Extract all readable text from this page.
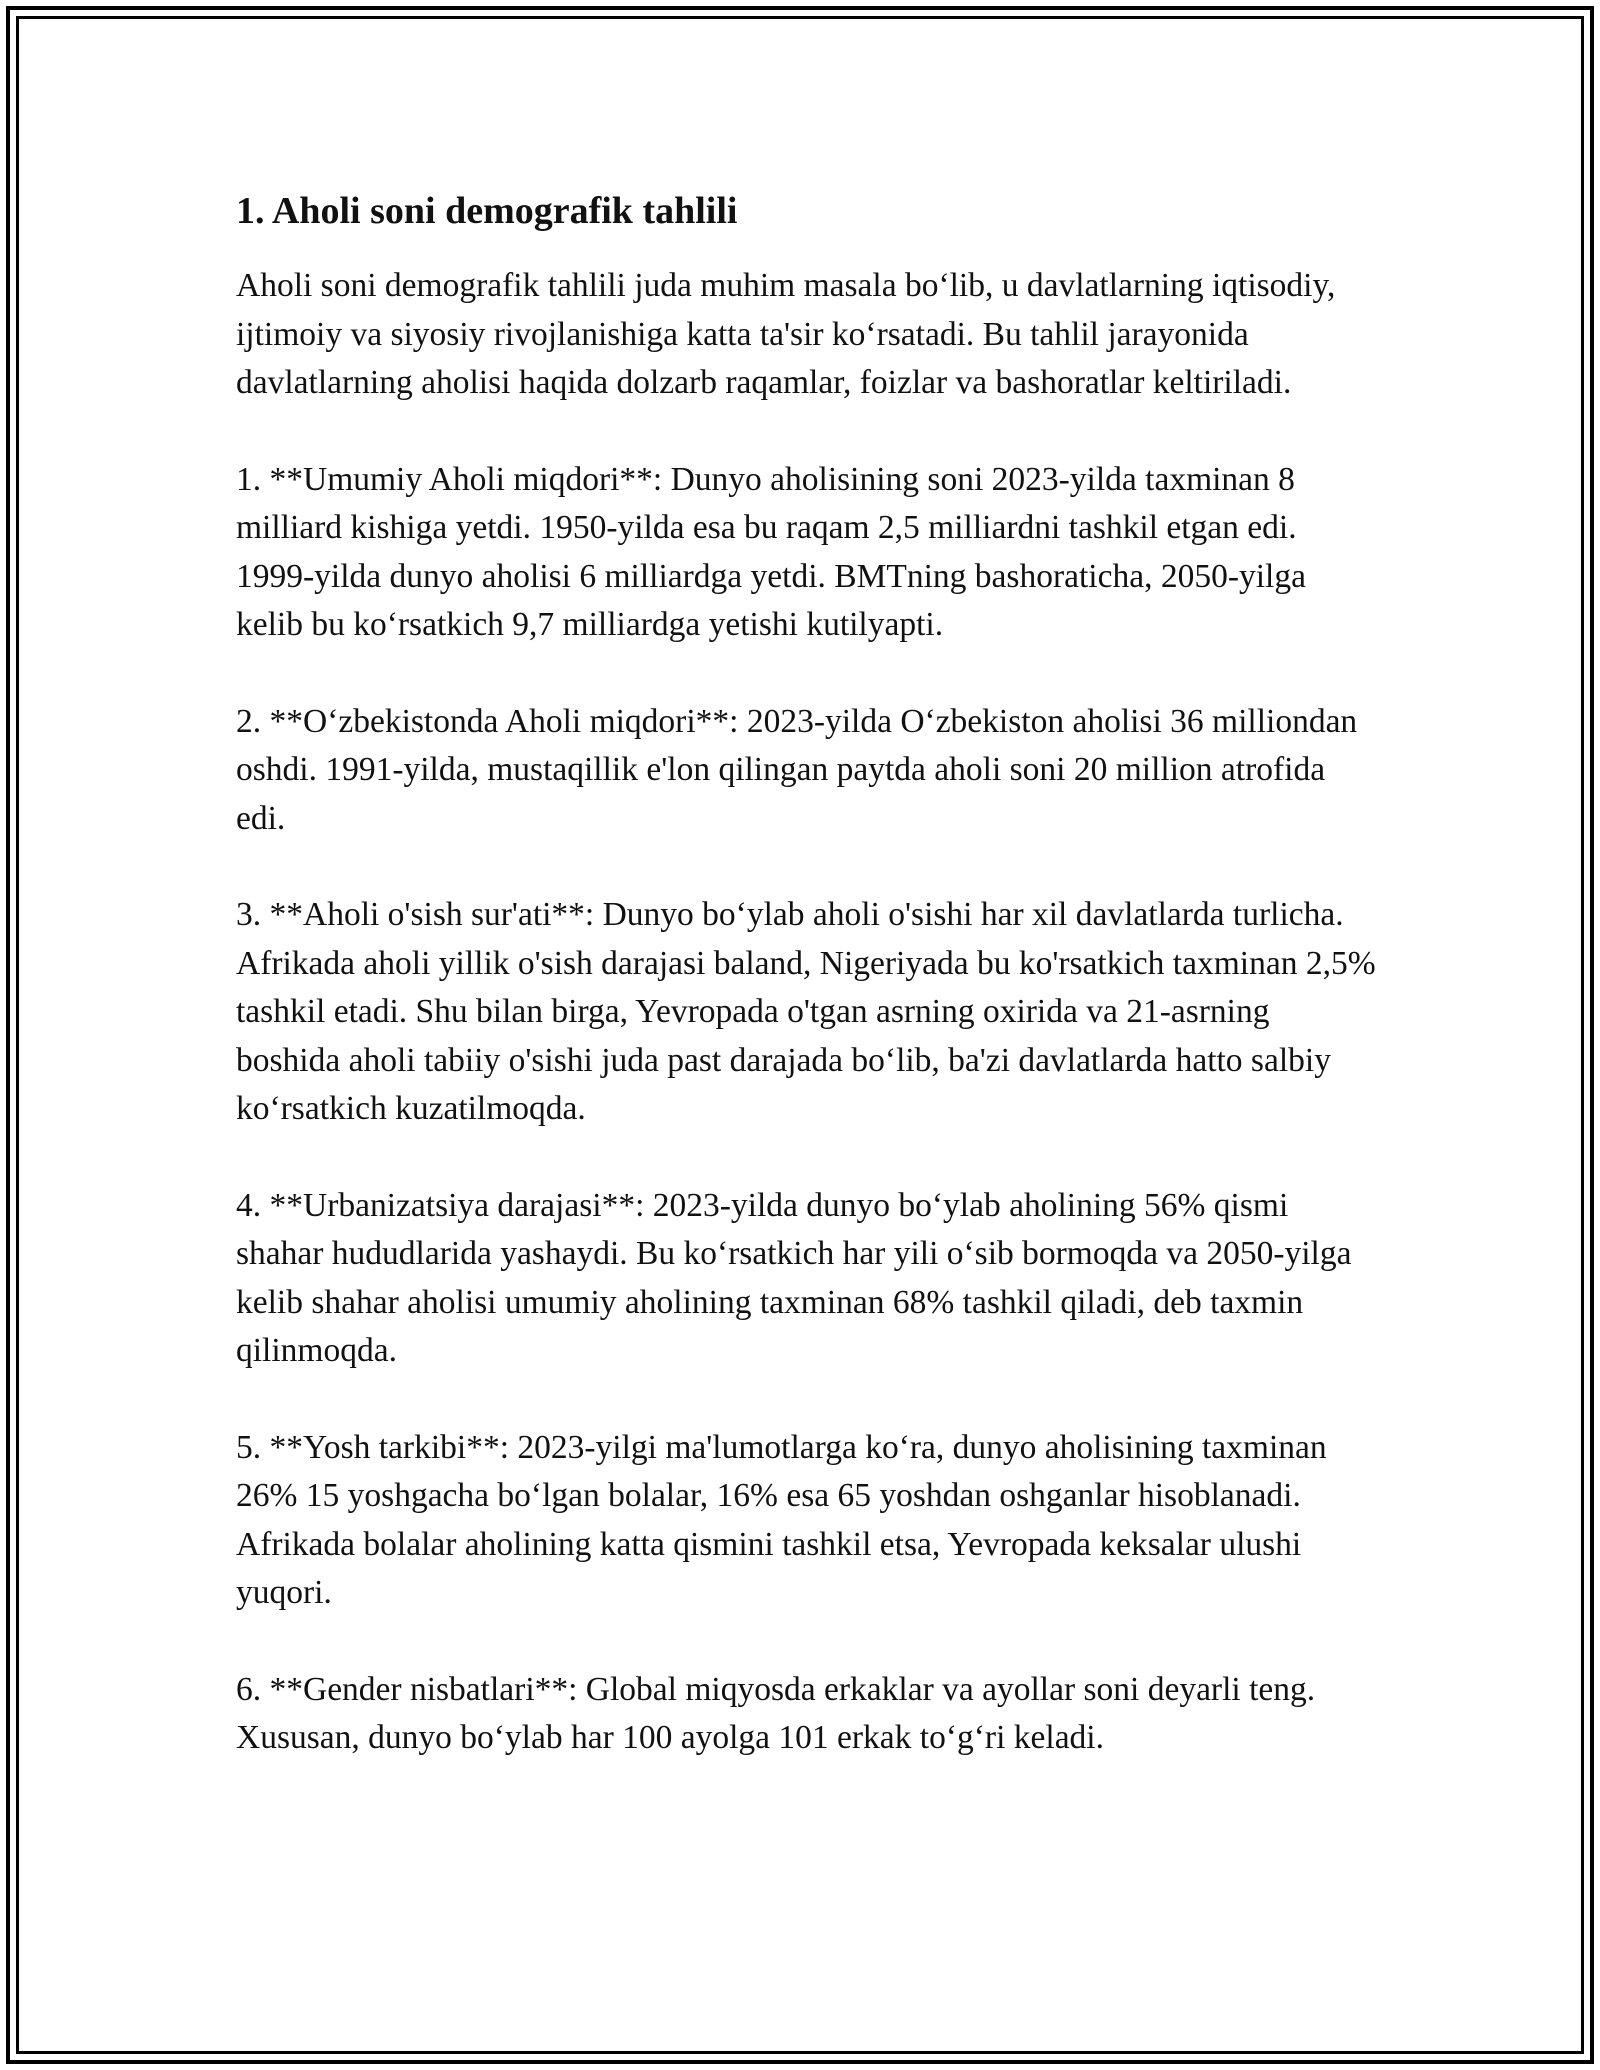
1. Aholi soni demografik tahlili

Aholi soni demografik tahlili juda muhim masala bo‘lib, u davlatlarning iqtisodiy, ijtimoiy va siyosiy rivojlanishiga katta ta'sir ko‘rsatadi. Bu tahlil jarayonida davlatlarning aholisi haqida dolzarb raqamlar, foizlar va bashoratlar keltiriladi.

1. **Umumiy Aholi miqdori**: Dunyo aholisining soni 2023-yilda taxminan 8 milliard kishiga yetdi. 1950-yilda esa bu raqam 2,5 milliardni tashkil etgan edi. 1999-yilda dunyo aholisi 6 milliardga yetdi. BMTning bashoraticha, 2050-yilga kelib bu ko‘rsatkich 9,7 milliardga yetishi kutilyapti.

2. **O‘zbekistonda Aholi miqdori**: 2023-yilda O‘zbekiston aholisi 36 milliondan oshdi. 1991-yilda, mustaqillik e'lon qilingan paytda aholi soni 20 million atrofida edi.

3. **Aholi o'sish sur'ati**: Dunyo bo‘ylab aholi o'sishi har xil davlatlarda turlicha. Afrikada aholi yillik o'sish darajasi baland, Nigeriyada bu ko'rsatkich taxminan 2,5% tashkil etadi. Shu bilan birga, Yevropada o'tgan asrning oxirida va 21-asrning boshida aholi tabiiy o'sishi juda past darajada bo‘lib, ba'zi davlatlarda hatto salbiy ko‘rsatkich kuzatilmoqda.

4. **Urbanizatsiya darajasi**: 2023-yilda dunyo bo‘ylab aholining 56% qismi shahar hududlarida yashaydi. Bu ko‘rsatkich har yili o‘sib bormoqda va 2050-yilga kelib shahar aholisi umumiy aholining taxminan 68% tashkil qiladi, deb taxmin qilinmoqda.

5. **Yosh tarkibi**: 2023-yilgi ma'lumotlarga ko‘ra, dunyo aholisining taxminan 26% 15 yoshgacha bo‘lgan bolalar, 16% esa 65 yoshdan oshganlar hisoblanadi. Afrikada bolalar aholining katta qismini tashkil etsa, Yevropada keksalar ulushi yuqori.

6. **Gender nisbatlari**: Global miqyosda erkaklar va ayollar soni deyarli teng. Xususan, dunyo bo‘ylab har 100 ayolga 101 erkak to‘g‘ri keladi.
